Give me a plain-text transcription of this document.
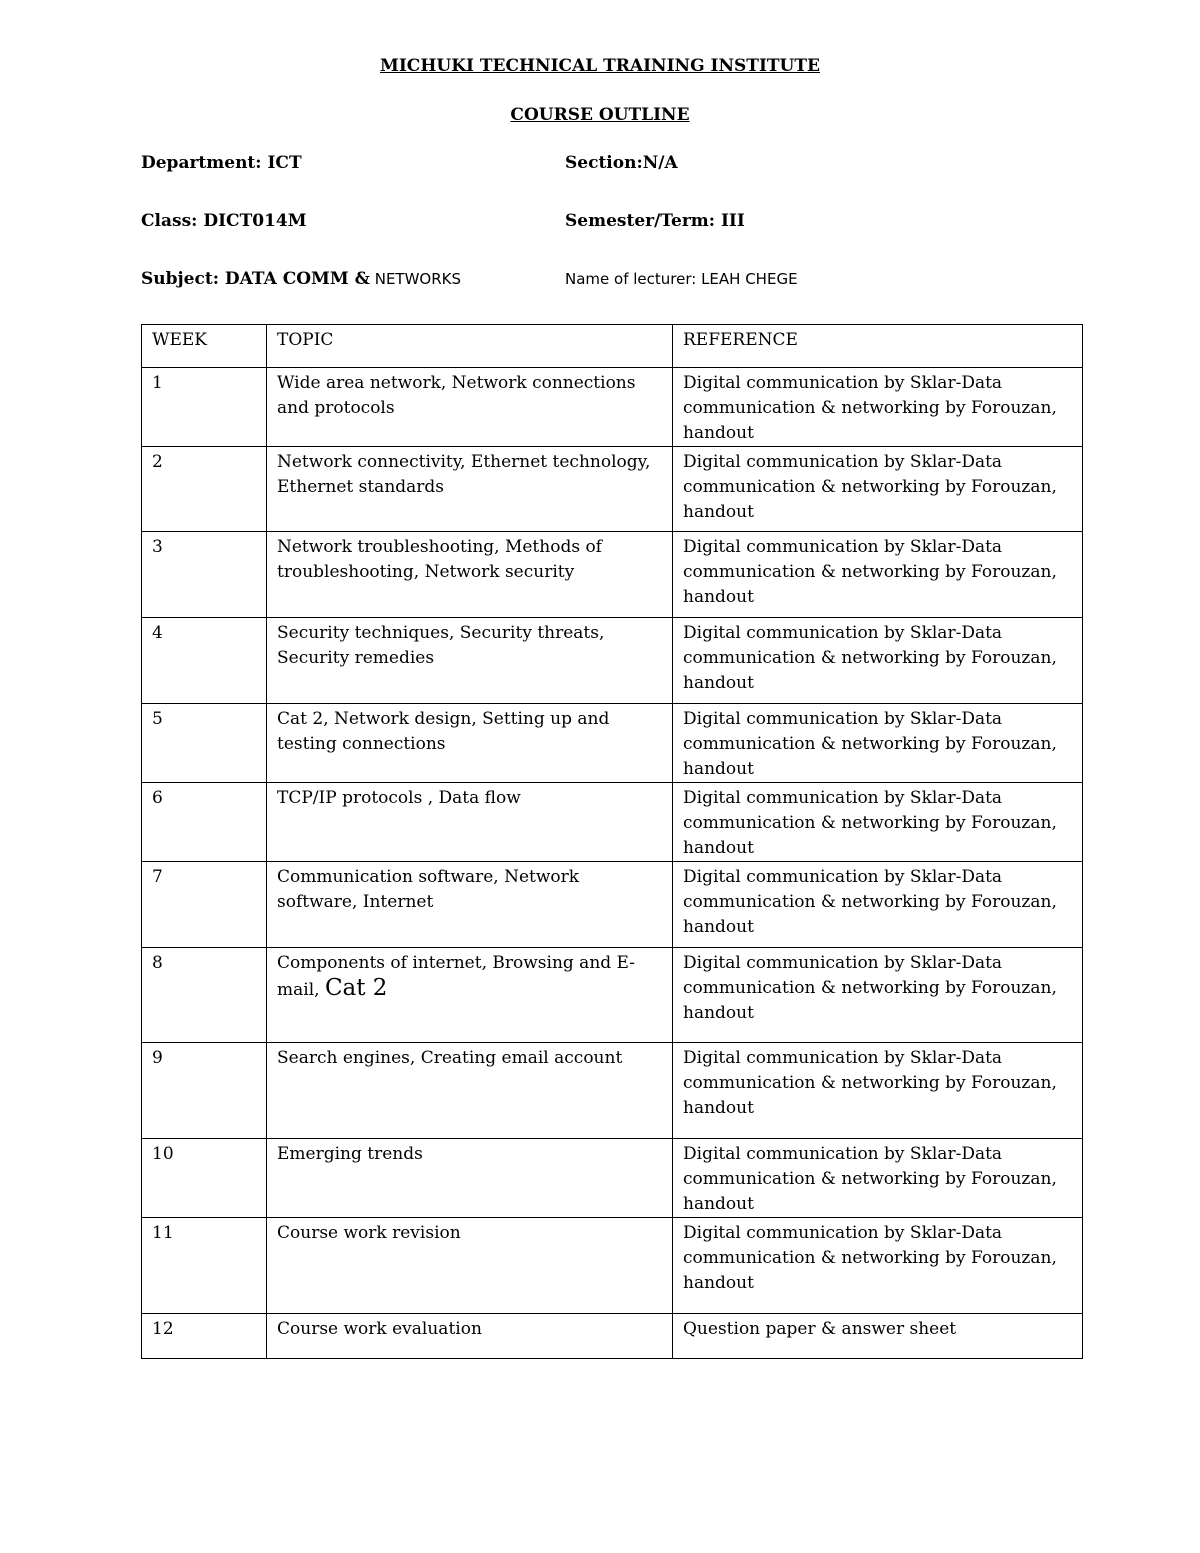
MICHUKI TECHNICAL TRAINING INSTITUTE
COURSE OUTLINE
Department: ICT	Section:N/A
Class: DICT014M	Semester/Term: III
Subject: DATA COMM & NETWORKS	Name of lecturer: LEAH CHEGE
WEEK	TOPIC	REFERENCE
1	Wide area network, Network connections and protocols	Digital communication by Sklar-Data communication & networking by Forouzan, handout
2	Network connectivity, Ethernet technology, Ethernet standards	Digital communication by Sklar-Data communication & networking by Forouzan, handout
3	Network troubleshooting, Methods of troubleshooting, Network security	Digital communication by Sklar-Data communication & networking by Forouzan, handout
4	Security techniques, Security threats, Security remedies	Digital communication by Sklar-Data communication & networking by Forouzan, handout
5	Cat 2, Network design, Setting up and testing connections	Digital communication by Sklar-Data communication & networking by Forouzan, handout
6	TCP/IP protocols , Data flow	Digital communication by Sklar-Data communication & networking by Forouzan, handout
7	Communication software, Network software, Internet	Digital communication by Sklar-Data communication & networking by Forouzan, handout
8	Components of internet, Browsing and E-mail, Cat 2	Digital communication by Sklar-Data communication & networking by Forouzan, handout
9	Search engines, Creating email account	Digital communication by Sklar-Data communication & networking by Forouzan, handout
10	Emerging trends	Digital communication by Sklar-Data communication & networking by Forouzan, handout
11	Course work revision	Digital communication by Sklar-Data communication & networking by Forouzan, handout
12	Course work evaluation	Question paper & answer sheet
